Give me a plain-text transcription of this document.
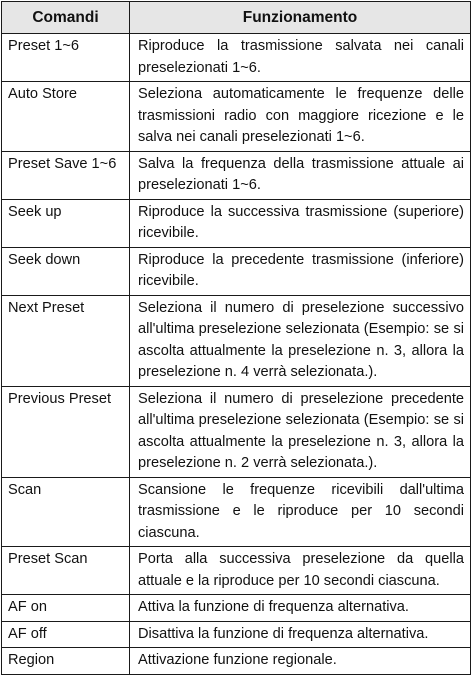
Comandi	Funzionamento
Preset 1~6	Riproduce la trasmissione salvata nei canali preselezionati 1~6.
Auto Store	Seleziona automaticamente le frequenze delle trasmissioni radio con maggiore ricezione e le salva nei canali preselezionati 1~6.
Preset Save 1~6	Salva la frequenza della trasmissione attuale ai preselezionati 1~6.
Seek up	Riproduce la successiva trasmissione (superiore) ricevibile.
Seek down	Riproduce la precedente trasmissione (inferiore) ricevibile.
Next Preset	Seleziona il numero di preselezione successivo all'ultima preselezione selezionata (Esempio: se si ascolta attualmente la preselezione n. 3, allora la preselezione n. 4 verrà selezionata.).
Previous Preset	Seleziona il numero di preselezione precedente all'ultima preselezione selezionata (Esempio: se si ascolta attualmente la preselezione n. 3, allora la preselezione n. 2 verrà selezionata.).
Scan	Scansione le frequenze ricevibili dall'ultima trasmissione e le riproduce per 10 secondi ciascuna.
Preset Scan	Porta alla successiva preselezione da quella attuale e la riproduce per 10 secondi ciascuna.
AF on	Attiva la funzione di frequenza alternativa.
AF off	Disattiva la funzione di frequenza alternativa.
Region	Attivazione funzione regionale.
